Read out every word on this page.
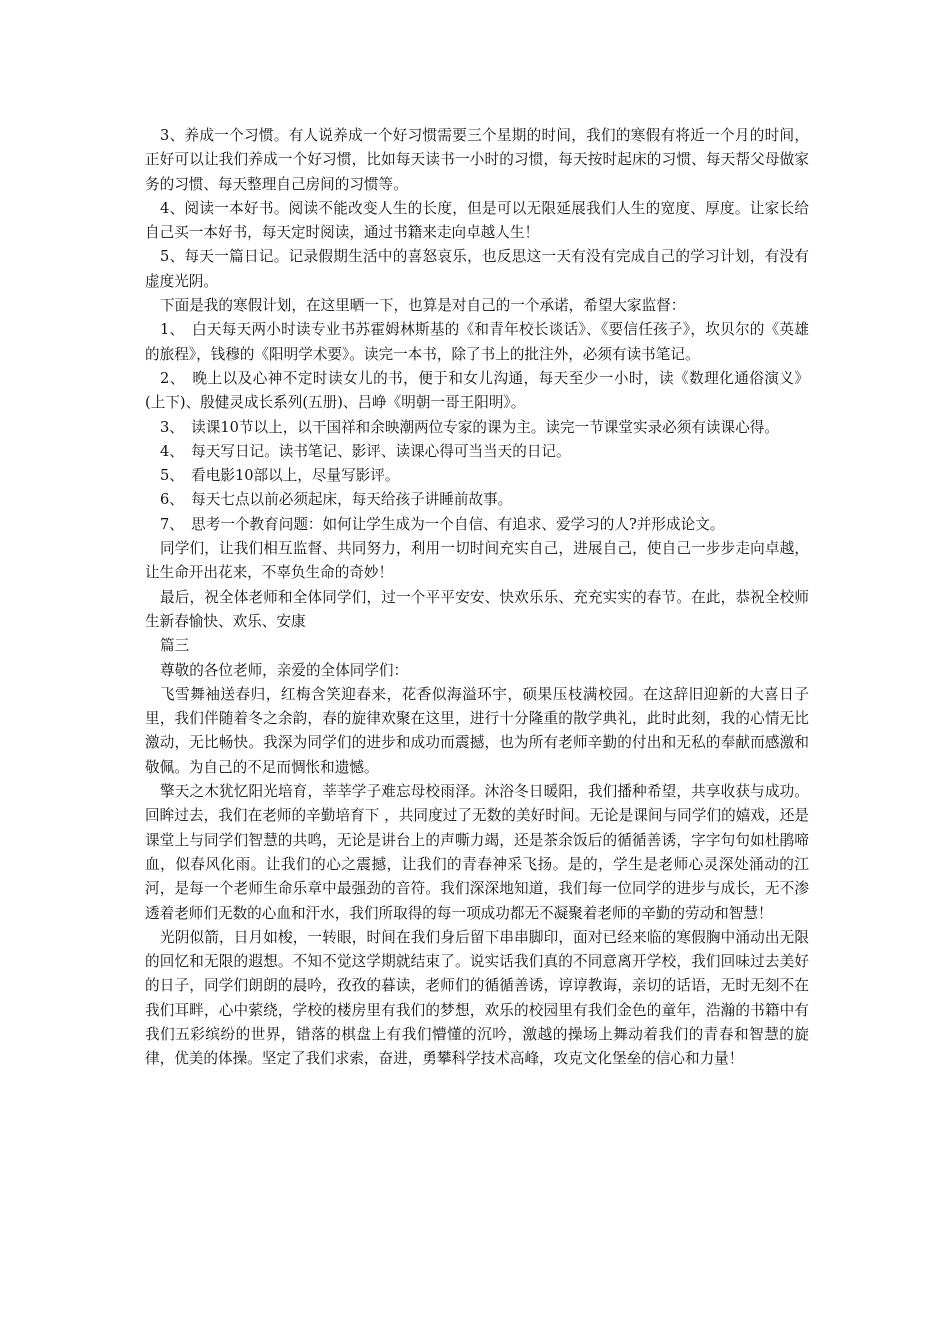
3、养成一个习惯。有人说养成一个好习惯需要三个星期的时间，我们的寒假有将近一个月的时间，正好可以让我们养成一个好习惯，比如每天读书一小时的习惯，每天按时起床的习惯、每天帮父母做家务的习惯、每天整理自己房间的习惯等。

4、阅读一本好书。阅读不能改变人生的长度，但是可以无限延展我们人生的宽度、厚度。让家长给自己买一本好书，每天定时阅读，通过书籍来走向卓越人生！

5、每天一篇日记。记录假期生活中的喜怒哀乐，也反思这一天有没有完成自己的学习计划，有没有虚度光阴。

下面是我的寒假计划，在这里晒一下，也算是对自己的一个承诺，希望大家监督：

1、　白天每天两小时读专业书苏霍姆林斯基的《和青年校长谈话》、《要信任孩子》，坎贝尔的《英雄的旅程》，钱穆的《阳明学术要》。读完一本书，除了书上的批注外，必须有读书笔记。

2、　晚上以及心神不定时读女儿的书，便于和女儿沟通，每天至少一小时，读《数理化通俗演义》(上下)、殷健灵成长系列(五册)、吕峥《明朝一哥王阳明》。

3、　读课10节以上，以干国祥和余映潮两位专家的课为主。读完一节课堂实录必须有读课心得。

4、　每天写日记。读书笔记、影评、读课心得可当当天的日记。

5、　看电影10部以上，尽量写影评。

6、　每天七点以前必须起床，每天给孩子讲睡前故事。

7、　思考一个教育问题：如何让学生成为一个自信、有追求、爱学习的人?并形成论文。

同学们，让我们相互监督、共同努力，利用一切时间充实自己，进展自己，使自己一步步走向卓越，让生命开出花来，不辜负生命的奇妙！

最后，祝全体老师和全体同学们，过一个平平安安、快欢乐乐、充充实实的春节。在此，恭祝全校师生新春愉快、欢乐、安康

篇三

尊敬的各位老师，亲爱的全体同学们：

飞雪舞袖送春归，红梅含笑迎春来，花香似海溢环宇，硕果压枝满校园。在这辞旧迎新的大喜日子里，我们伴随着冬之余韵，春的旋律欢聚在这里，进行十分隆重的散学典礼，此时此刻，我的心情无比激动，无比畅快。我深为同学们的进步和成功而震撼，也为所有老师辛勤的付出和无私的奉献而感激和敬佩。为自己的不足而惆怅和遗憾。

擎天之木犹忆阳光培育，莘莘学子难忘母校雨泽。沐浴冬日暖阳，我们播种希望，共享收获与成功。回眸过去，我们在老师的辛勤培育下 ，共同度过了无数的美好时间。无论是课间与同学们的嬉戏，还是课堂上与同学们智慧的共鸣，无论是讲台上的声嘶力竭，还是茶余饭后的循循善诱，字字句句如杜鹃啼血，似春风化雨。让我们的心之震撼，让我们的青春神采飞扬。是的，学生是老师心灵深处涌动的江河，是每一个老师生命乐章中最强劲的音符。我们深深地知道，我们每一位同学的进步与成长，无不渗透着老师们无数的心血和汗水，我们所取得的每一项成功都无不凝聚着老师的辛勤的劳动和智慧！

光阴似箭，日月如梭，一转眼，时间在我们身后留下串串脚印，面对已经来临的寒假胸中涌动出无限的回忆和无限的遐想。不知不觉这学期就结束了。说实话我们真的不同意离开学校，我们回味过去美好的日子，同学们朗朗的晨吟，孜孜的暮读，老师们的循循善诱，谆谆教诲，亲切的话语，无时无刻不在我们耳畔，心中萦绕，学校的楼房里有我们的梦想，欢乐的校园里有我们金色的童年，浩瀚的书籍中有我们五彩缤纷的世界，错落的棋盘上有我们懵懂的沉吟，激越的操场上舞动着我们的青春和智慧的旋律，优美的体操。坚定了我们求索，奋进，勇攀科学技术高峰，攻克文化堡垒的信心和力量！
